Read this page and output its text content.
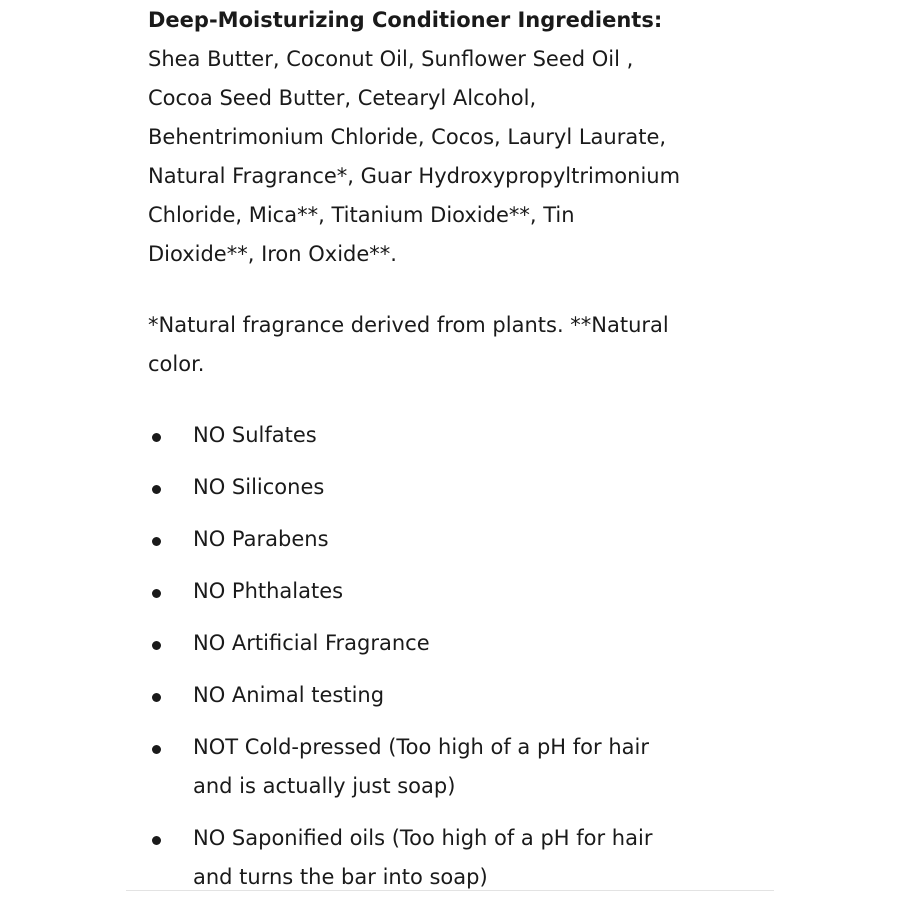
Deep-Moisturizing Conditioner Ingredients:

Shea Butter, Coconut Oil, Sunflower Seed Oil ,
Cocoa Seed Butter, Cetearyl Alcohol,
Behentrimonium Chloride, Cocos, Lauryl Laurate,
Natural Fragrance*, Guar Hydroxypropyltrimonium
Chloride, Mica**, Titanium Dioxide**, Tin
Dioxide**, Iron Oxide**.

*Natural fragrance derived from plants. **Natural
color.

NO Sulfates
NO Silicones
NO Parabens
NO Phthalates
NO Artificial Fragrance
NO Animal testing
NOT Cold-pressed (Too high of a pH for hair
and is actually just soap)
NO Saponified oils (Too high of a pH for hair
and turns the bar into soap)
